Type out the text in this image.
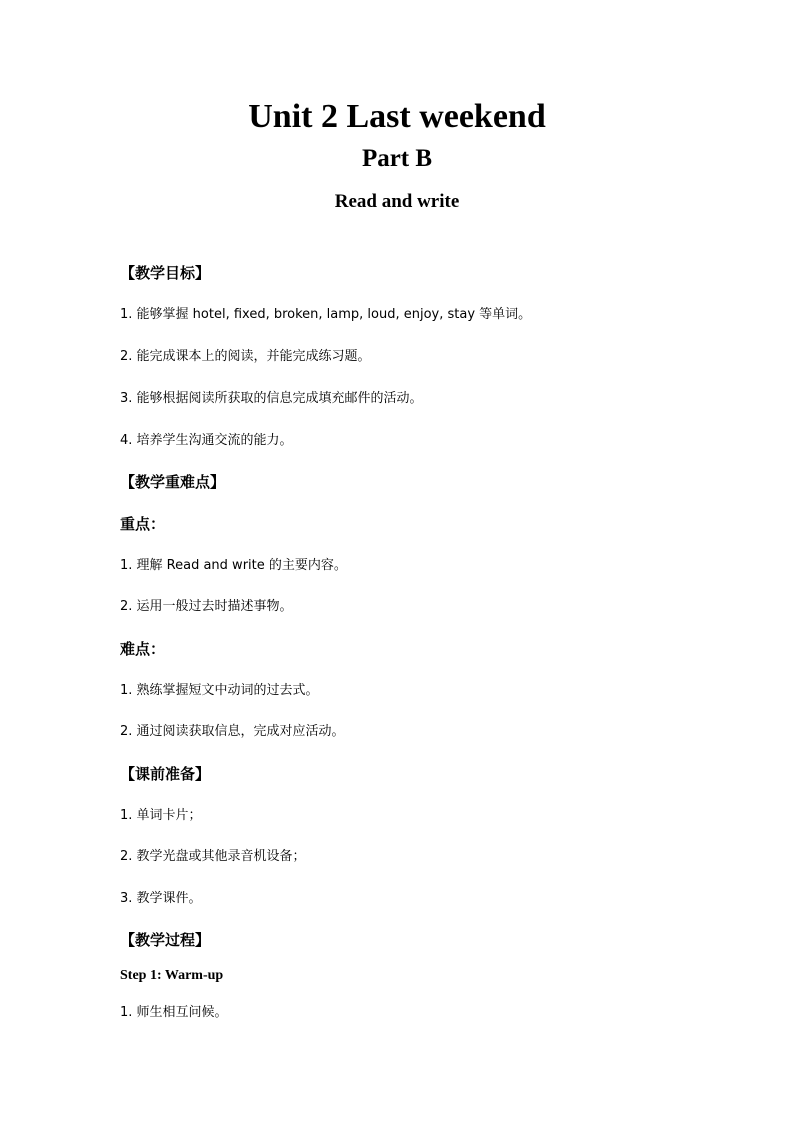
Unit 2 Last weekend
Part B
Read and write
【教学目标】
1. 能够掌握 hotel, fixed, broken, lamp, loud, enjoy, stay 等单词。
2. 能完成课本上的阅读，并能完成练习题。
3. 能够根据阅读所获取的信息完成填充邮件的活动。
4. 培养学生沟通交流的能力。
【教学重难点】
重点：
1. 理解 Read and write 的主要内容。
2. 运用一般过去时描述事物。
难点：
1. 熟练掌握短文中动词的过去式。
2. 通过阅读获取信息，完成对应活动。
【课前准备】
1. 单词卡片；
2. 教学光盘或其他录音机设备；
3. 教学课件。
【教学过程】
Step 1: Warm-up
1. 师生相互问候。
